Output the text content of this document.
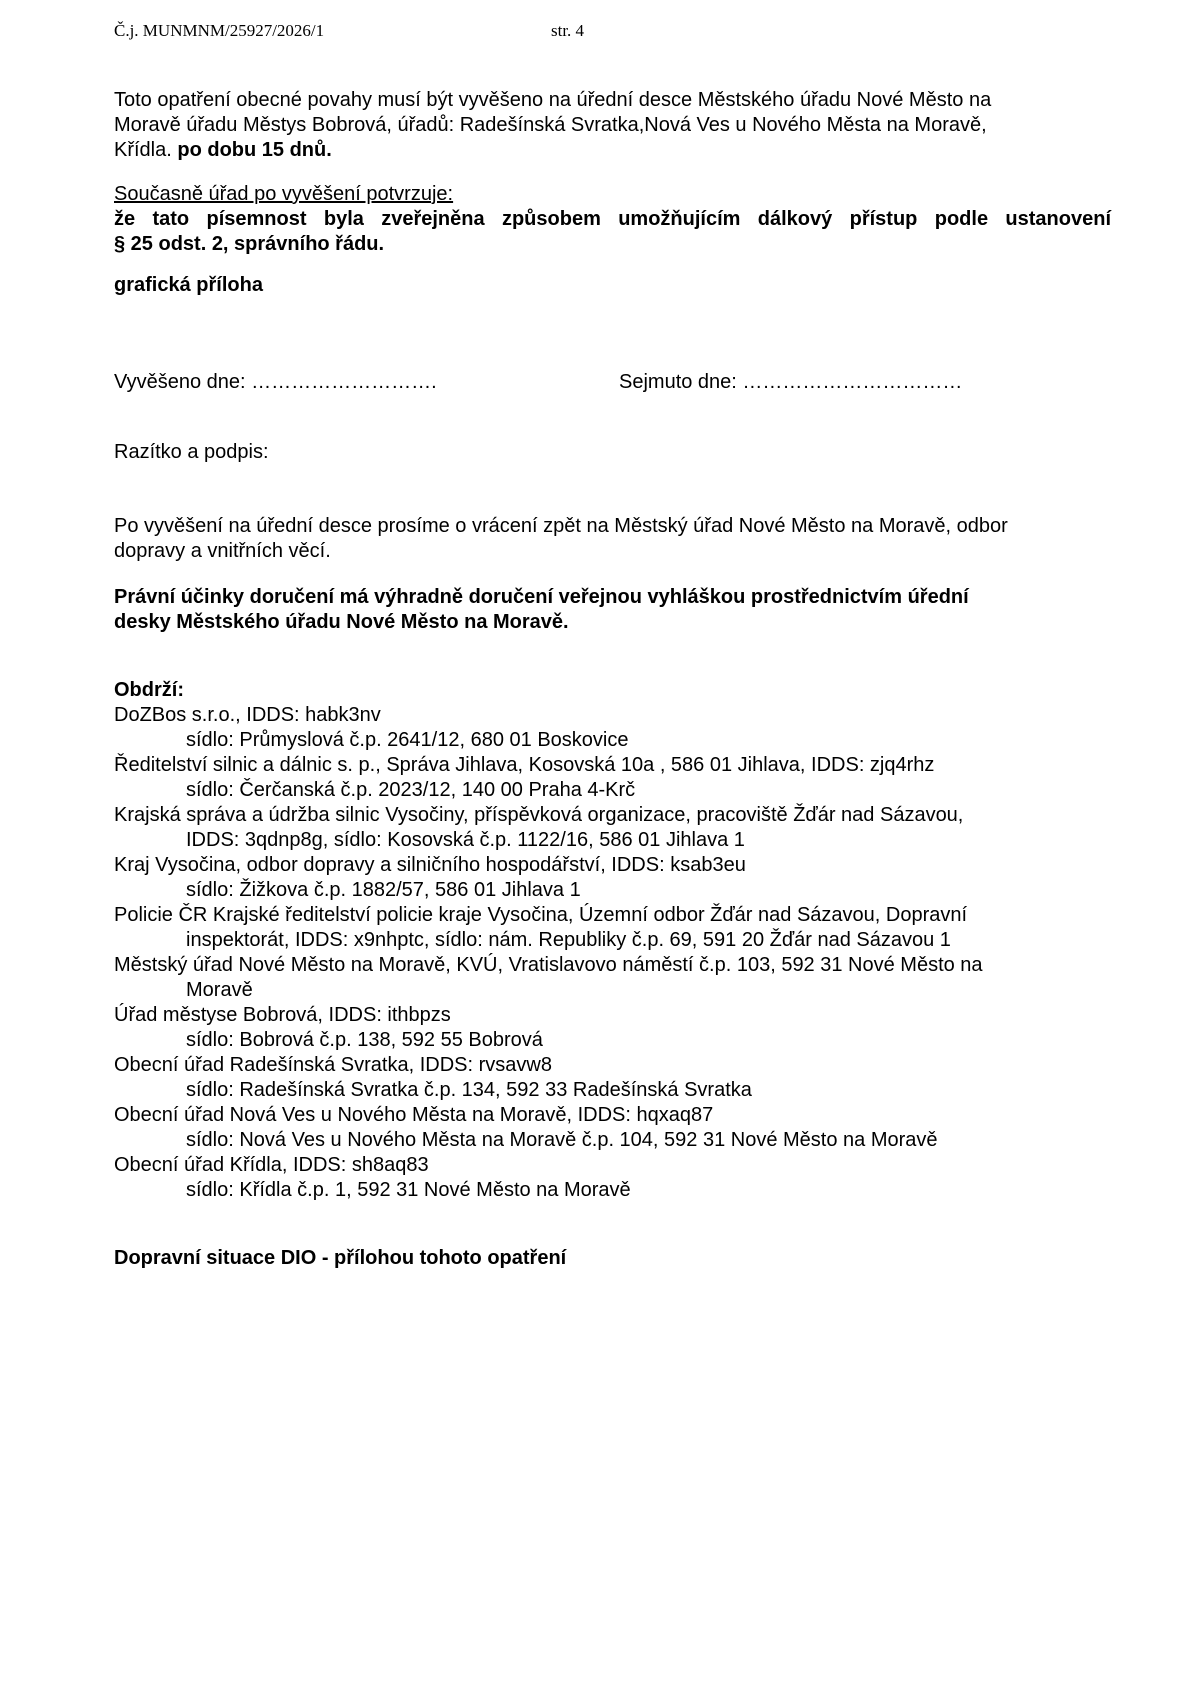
Č.j. MUNMNM/25927/2026/1	str. 4

Toto opatření obecné povahy musí být vyvěšeno na úřední desce Městského úřadu Nové Město na

Moravě úřadu Městys Bobrová, úřadů: Radešínská Svratka,Nová Ves u Nového Města na Moravě,

Křídla. po dobu 15 dnů.

Současně úřad po vyvěšení potvrzuje:

že tato písemnost byla zveřejněna způsobem umožňujícím dálkový přístup podle ustanovení

§ 25 odst. 2, správního řádu.

grafická příloha
Vyvěšeno dne: ……………………….	Sejmuto dne: ……………………………
Razítko a podpis:

Po vyvěšení na úřední desce prosíme o vrácení zpět na Městský úřad Nové Město na Moravě, odbor

dopravy a vnitřních věcí.

Právní účinky doručení má výhradně doručení veřejnou vyhláškou prostřednictvím úřední

desky Městského úřadu Nové Město na Moravě.

Obdrží:
DoZBos s.r.o., IDDS: habk3nv
sídlo: Průmyslová č.p. 2641/12, 680 01 Boskovice
Ředitelství silnic a dálnic s. p., Správa Jihlava, Kosovská 10a , 586 01 Jihlava, IDDS: zjq4rhz
sídlo: Čerčanská č.p. 2023/12, 140 00 Praha 4-Krč
Krajská správa a údržba silnic Vysočiny, příspěvková organizace, pracoviště Žďár nad Sázavou,
IDDS: 3qdnp8g, sídlo: Kosovská č.p. 1122/16, 586 01 Jihlava 1
Kraj Vysočina, odbor dopravy a silničního hospodářství, IDDS: ksab3eu
sídlo: Žižkova č.p. 1882/57, 586 01 Jihlava 1
Policie ČR Krajské ředitelství policie kraje Vysočina, Územní odbor Žďár nad Sázavou, Dopravní
inspektorát, IDDS: x9nhptc, sídlo: nám. Republiky č.p. 69, 591 20 Žďár nad Sázavou 1
Městský úřad Nové Město na Moravě, KVÚ, Vratislavovo náměstí č.p. 103, 592 31 Nové Město na
Moravě
Úřad městyse Bobrová, IDDS: ithbpzs
sídlo: Bobrová č.p. 138, 592 55 Bobrová
Obecní úřad Radešínská Svratka, IDDS: rvsavw8
sídlo: Radešínská Svratka č.p. 134, 592 33 Radešínská Svratka
Obecní úřad Nová Ves u Nového Města na Moravě, IDDS: hqxaq87
sídlo: Nová Ves u Nového Města na Moravě č.p. 104, 592 31 Nové Město na Moravě
Obecní úřad Křídla, IDDS: sh8aq83
sídlo: Křídla č.p. 1, 592 31 Nové Město na Moravě
Dopravní situace DIO - přílohou tohoto opatření
